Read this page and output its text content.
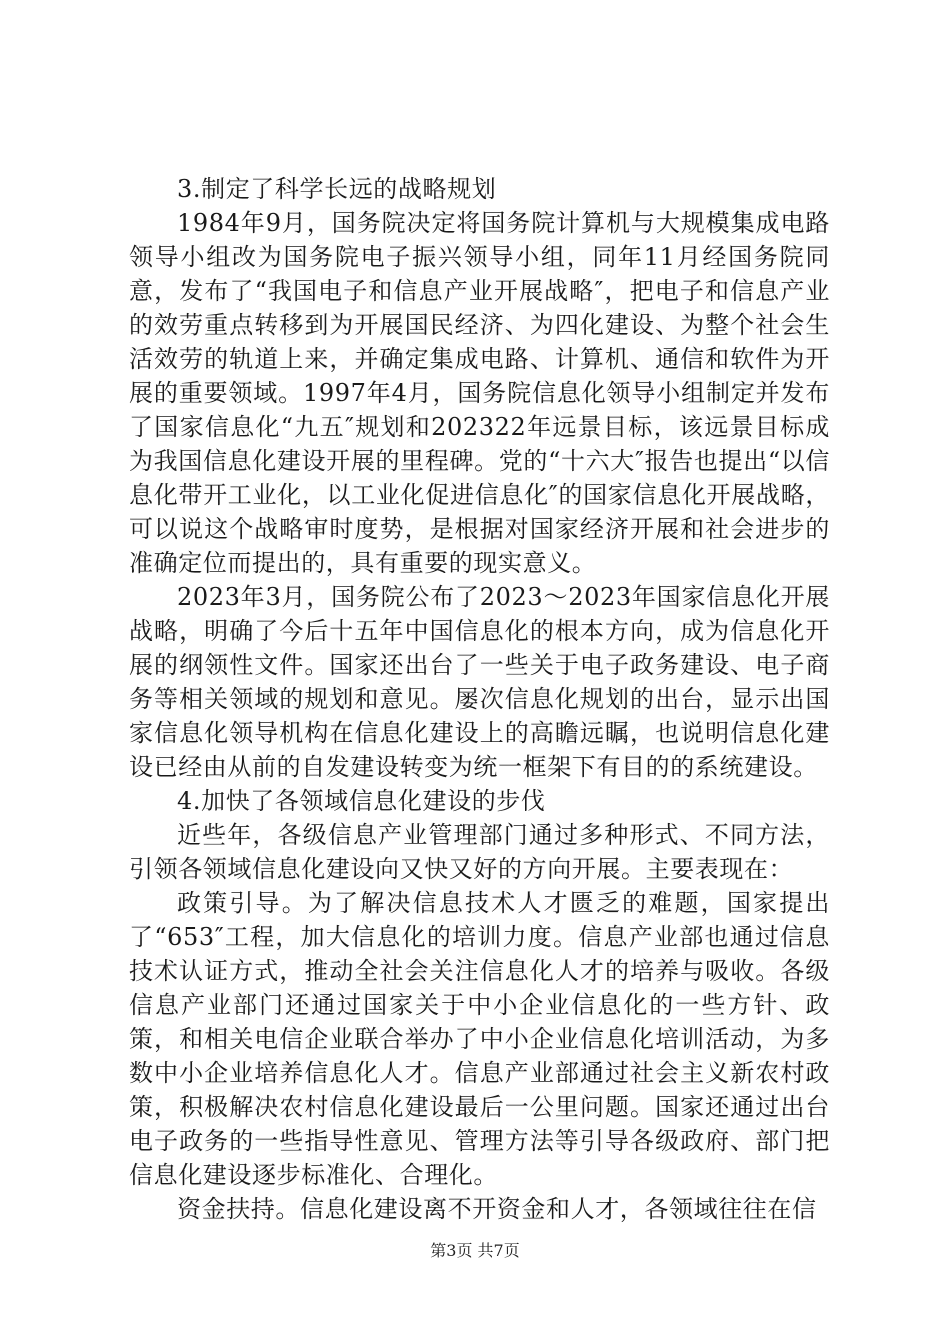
3.制定了科学长远的战略规划

1984年9月，国务院决定将国务院计算机与大规模集成电路领导小组改为国务院电子振兴领导小组，同年11月经国务院同意，发布了“我国电子和信息产业开展战略″，把电子和信息产业的效劳重点转移到为开展国民经济、为四化建设、为整个社会生活效劳的轨道上来，并确定集成电路、计算机、通信和软件为开展的重要领域。1997年4月，国务院信息化领导小组制定并发布了国家信息化“九五″规划和202322年远景目标，该远景目标成为我国信息化建设开展的里程碑。党的“十六大″报告也提出“以信息化带开工业化，以工业化促进信息化″的国家信息化开展战略，可以说这个战略审时度势，是根据对国家经济开展和社会进步的准确定位而提出的，具有重要的现实意义。

2023年3月，国务院公布了2023～2023年国家信息化开展战略，明确了今后十五年中国信息化的根本方向，成为信息化开展的纲领性文件。国家还出台了一些关于电子政务建设、电子商务等相关领域的规划和意见。屡次信息化规划的出台，显示出国家信息化领导机构在信息化建设上的高瞻远瞩，也说明信息化建设已经由从前的自发建设转变为统一框架下有目的的系统建设。

4.加快了各领域信息化建设的步伐

近些年，各级信息产业管理部门通过多种形式、不同方法，引领各领域信息化建设向又快又好的方向开展。主要表现在：

政策引导。为了解决信息技术人才匮乏的难题，国家提出了“653″工程，加大信息化的培训力度。信息产业部也通过信息技术认证方式，推动全社会关注信息化人才的培养与吸收。各级信息产业部门还通过国家关于中小企业信息化的一些方针、政策，和相关电信企业联合举办了中小企业信息化培训活动，为多数中小企业培养信息化人才。信息产业部通过社会主义新农村政策，积极解决农村信息化建设最后一公里问题。国家还通过出台电子政务的一些指导性意见、管理方法等引导各级政府、部门把信息化建设逐步标准化、合理化。

资金扶持。信息化建设离不开资金和人才，各领域往往在信

第3页 共7页
